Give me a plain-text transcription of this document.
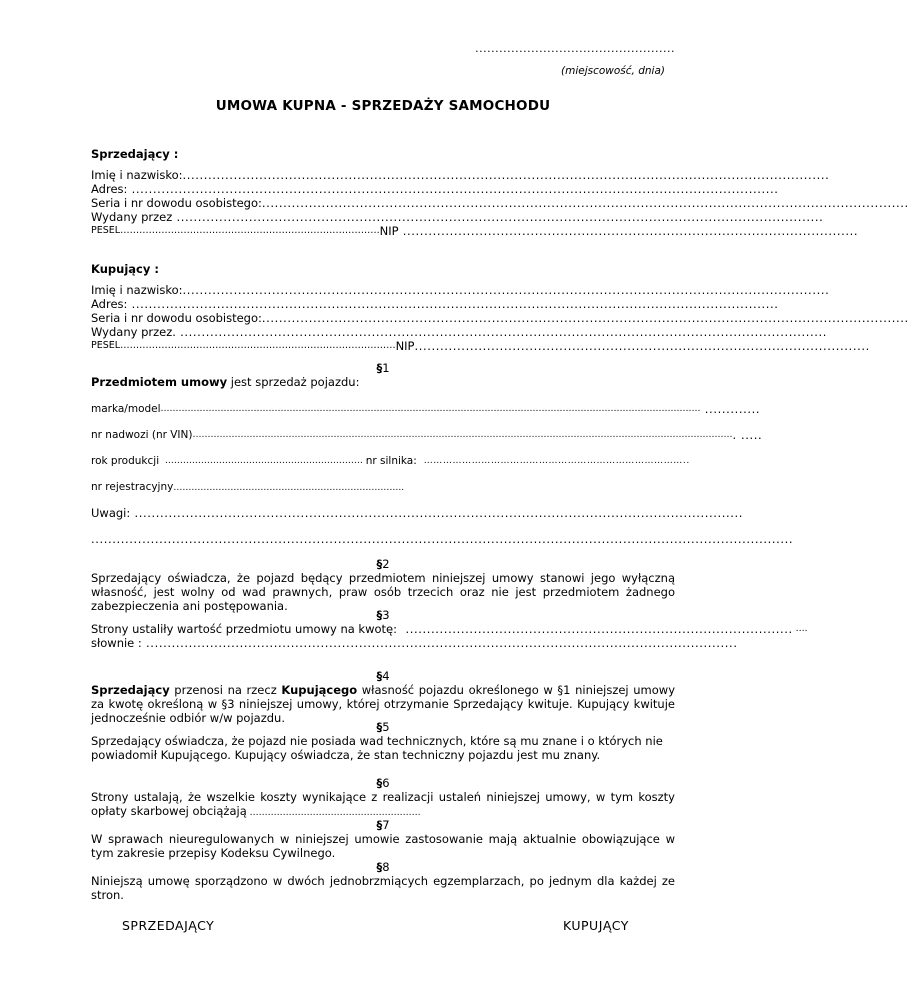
..................................................
(miejscowość, dnia)
UMOWA KUPNA - SPRZEDAŻY SAMOCHODU
Sprzedający :
Imię i nazwisko: ........................................................................................................................................................
Adres: ........................................................................................................................................................
Seria i nr dowodu osobistego: ........................................................................................................................................................
Wydany przez ........................................................................................................................................................
PESEL ………………………………………………………………………. NIP ...........................................................................................................
Kupujący :
Imię i nazwisko: ........................................................................................................................................................
Adres: ........................................................................................................................................................
Seria i nr dowodu osobistego: ........................................................................................................................................................
Wydany przez. ........................................................................................................................................................
PESEL …………………………………………………………………………… NIP ...........................................................................................................
§1
Przedmiotem umowy jest sprzedaż pojazdu:
marka/model ……………………………………………………………………………………………………………………………………………………………… .............
nr nadwozi (nr VIN) ……………………………………………………………………………………………………………………………………………………………… . .....
rok produkcji ………………………………………………………… nr silnika: ………………………………………………………………………..
nr rejestracyjny…………………………………………………………………..
Uwagi: ...............................................................................................................................................
.....................................................................................................................................................................
§2
Sprzedający oświadcza, że pojazd będący przedmiotem niniejszej umowy stanowi jego wyłączną własność, jest wolny od wad prawnych, praw osób trzecich oraz nie jest przedmiotem żadnego zabezpieczenia ani postępowania.
§3
Strony ustaliły wartość przedmiotu umowy na kwotę: ........................................................................................... ….
słownie : ...........................................................................................................................................
§4
Sprzedający przenosi na rzecz Kupującego własność pojazdu określonego w §1 niniejszej umowy za kwotę określoną w §3 niniejszej umowy, której otrzymanie Sprzedający kwituje. Kupujący kwituje jednocześnie odbiór w/w pojazdu.
§5
Sprzedający oświadcza, że pojazd nie posiada wad technicznych, które są mu znane i o których nie
powiadomił Kupującego. Kupujący oświadcza, że stan techniczny pojazdu jest mu znany.
§6
Strony ustalają, że wszelkie koszty wynikające z realizacji ustaleń niniejszej umowy, w tym koszty opłaty skarbowej obciążają …………………………………………………
§7
W sprawach nieuregulowanych w niniejszej umowie zastosowanie mają aktualnie obowiązujące w tym zakresie przepisy Kodeksu Cywilnego.
§8
Niniejszą umowę sporządzono w dwóch jednobrzmiących egzemplarzach, po jednym dla każdej ze stron.
SPRZEDAJĄCY	KUPUJĄCY
